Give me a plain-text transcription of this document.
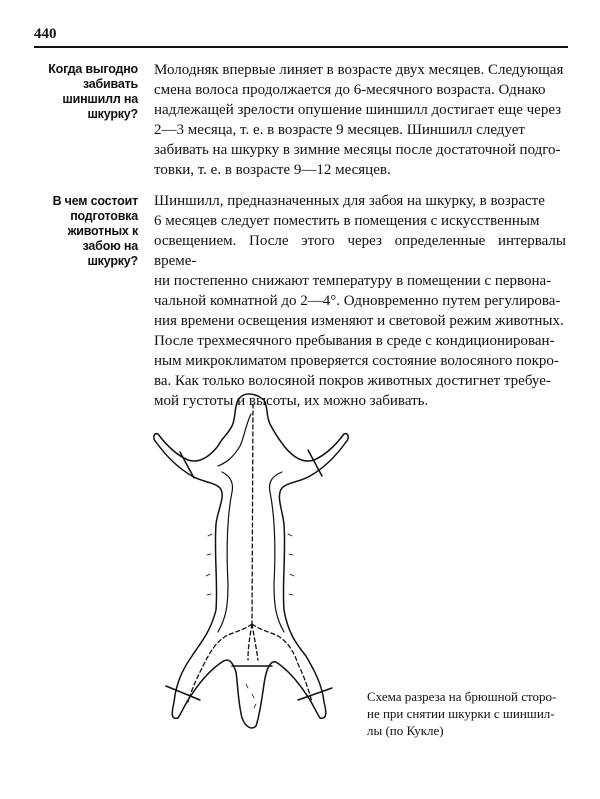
440
Когда выгодно забивать шиншилл на шкурку?
Молодняк впервые линяет в возрасте двух месяцев. Следующая
смена волоса продолжается до 6-месячного возраста. Однако
надлежащей зрелости опушение шиншилл достигает еще через
2—3 месяца, т. е. в возрасте 9 месяцев. Шиншилл следует
забивать на шкурку в зимние месяцы после достаточной подго-
товки, т. е. в возрасте 9—12 месяцев.
В чем состоит подготовка животных к забою на шкурку?
Шиншилл, предназначенных для забоя на шкурку, в возрасте
6 месяцев следует поместить в помещения с искусственным
освещением. После этого через определенные интервалы време-
ни постепенно снижают температуру в помещении с первона-
чальной комнатной до 2—4°. Одновременно путем регулирова-
ния времени освещения изменяют и световой режим животных.
После трехмесячного пребывания в среде с кондиционирован-
ным микроклиматом проверяется состояние волосяного покро-
ва. Как только волосяной покров животных достигнет требуе-
мой густоты и высоты, их можно забивать.
Схема разреза на брюшной сторо-
не при снятии шкурки с шиншил-
лы (по Кукле)
